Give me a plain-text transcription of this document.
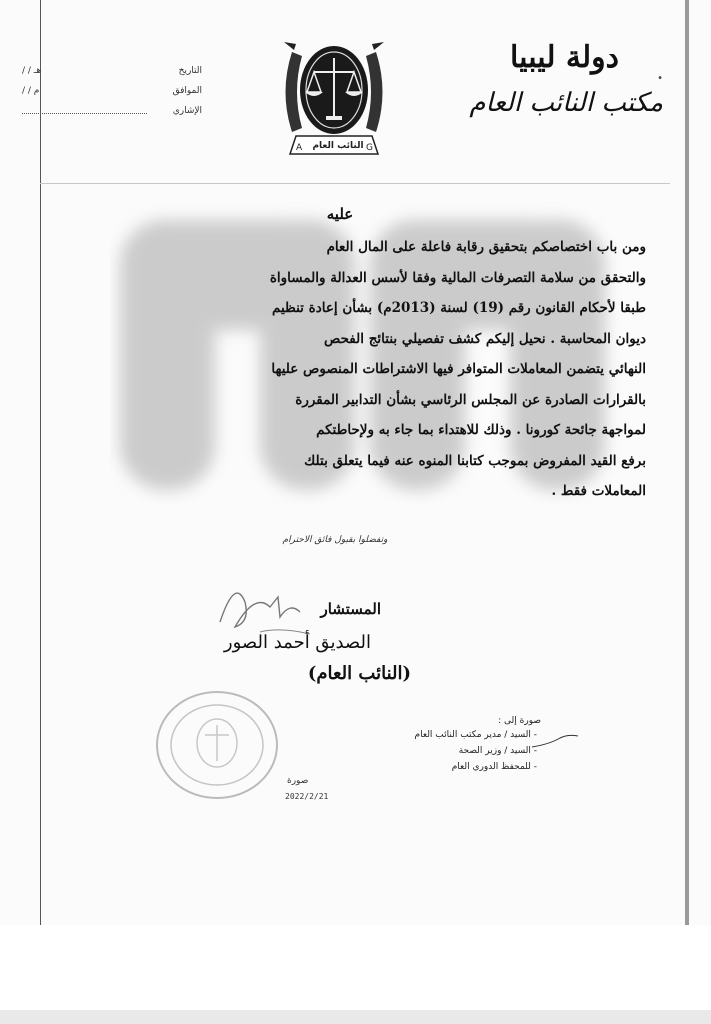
دولة ليبيا
•
مكتب النائب العام
التاريخ
هـ / /
الموافق
م / /
الإشاري
A	G
النائب العام
عليه
ومن باب اختصاصكم بتحقيق رقابة فاعلة على المال العام
والتحقق من سلامة التصرفات المالية وفقا لأسس العدالة والمساواة
طبقا لأحكام القانون رقم (19) لسنة (2013م) بشأن إعادة تنظيم
ديوان المحاسبة . نحيل إليكم كشف تفصيلي بنتائج الفحص
النهائي يتضمن المعاملات المتوافر فيها الاشتراطات المنصوص عليها
بالقرارات الصادرة عن المجلس الرئاسي بشأن التدابير المقررة
لمواجهة جائحة كورونا . وذلك للاهتداء بما جاء به ولإحاطتكم
برفع القيد المفروض بموجب كتابنا المنوه عنه فيما يتعلق بتلك
المعاملات فقط .
وتفضلوا بقبول فائق الاحترام
المستشار
الصديق أحمد الصور
(النائب العام)
صورة إلى :
- السيد / مدير مكتب النائب العام
- السيد / وزير الصحة
- للمحفظ الدوري العام
صورة
2022/2/21
